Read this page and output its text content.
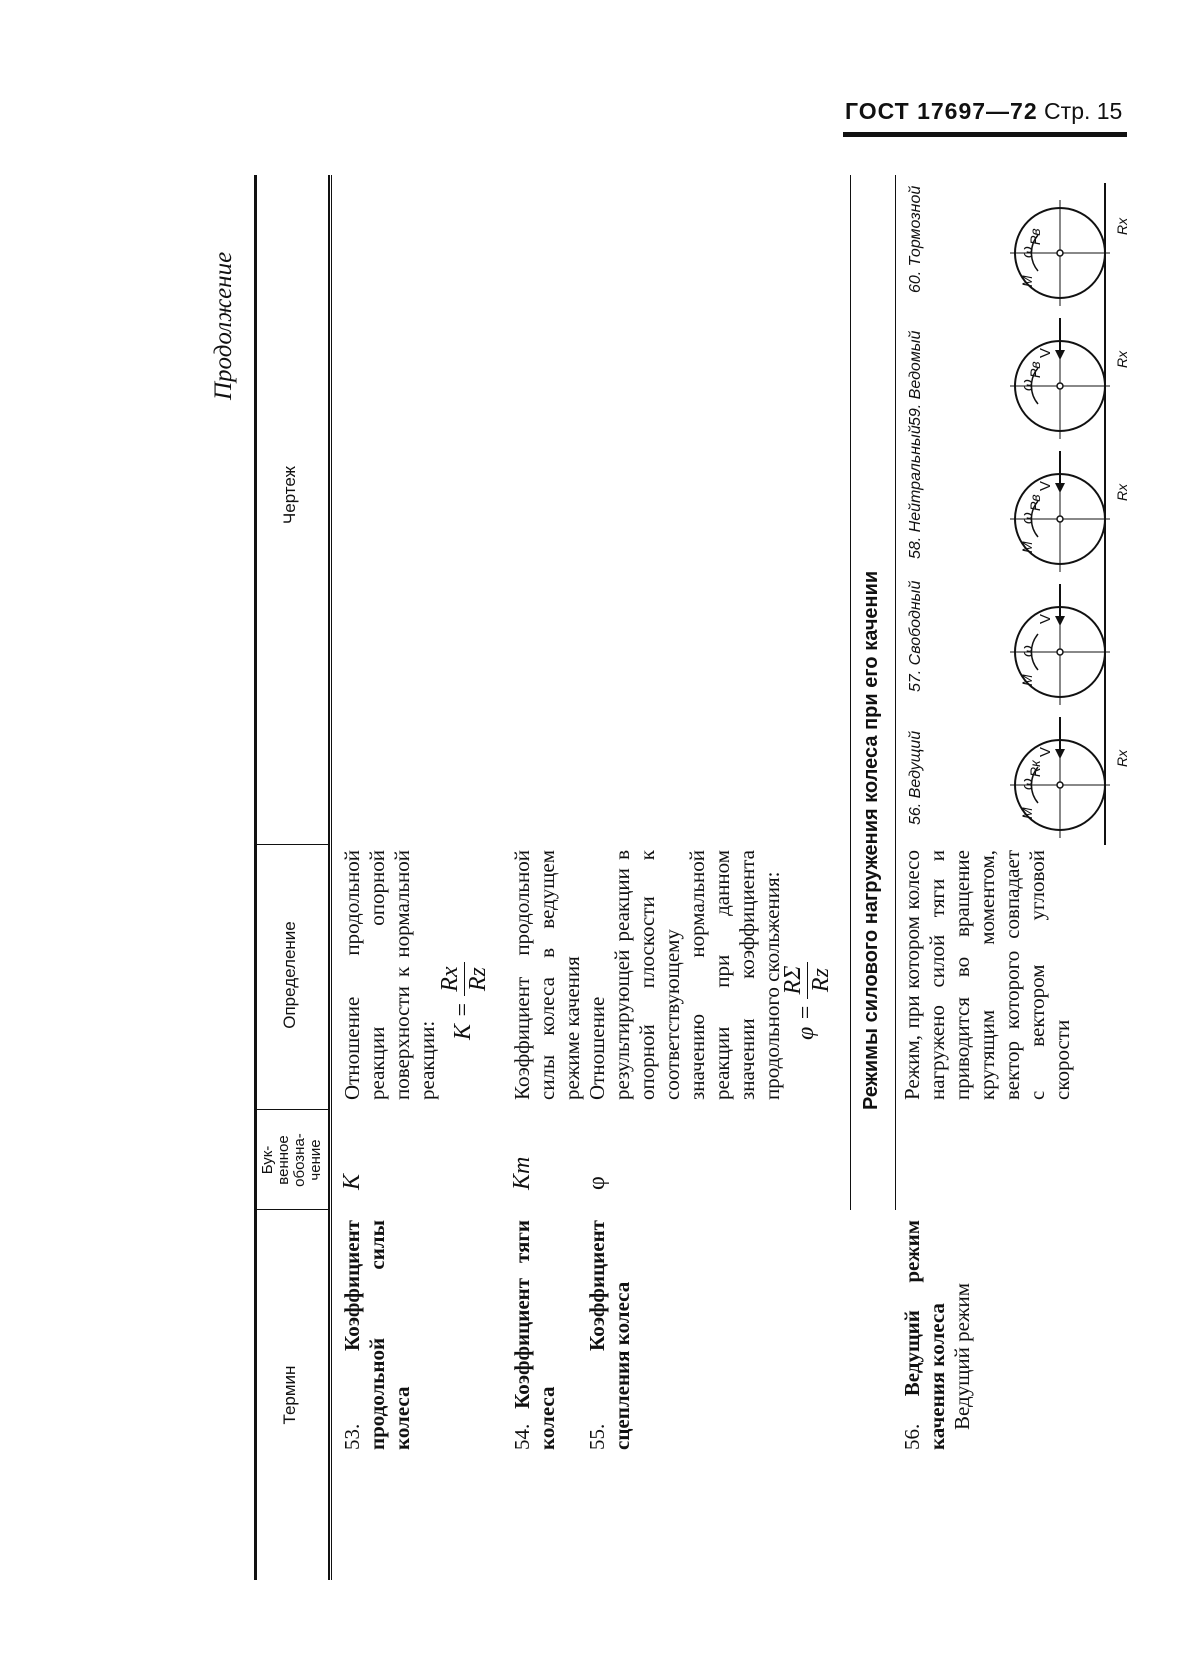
ГОСТ 17697—72 Стр. 15
Продолжение
Термин
Бук-
венное
обозна-
чение
Определение
Чертеж
53. Коэффициент продольной силы колеса
K
Отношение продольной реакции опорной поверхности к нормальной реакции: K =
Rx Rz
54. Коэффициент тяги колеса
Kт
Коэффициент продольной силы колеса в ведущем режиме качения
55. Коэффициент сцепления колеса
φ
Отношение результирующей реакции в опорной плоскости к соответствующему значению нормальной реакции при данном значении коэффициента продольного скольжения: φ =
RΣ Rz Режимы силового нагружения колеса при его качении
56. Ведущий режим качения колеса
Ведущий режим
Режим, при котором колесо нагружено силой тяги и приводится во вращение крутящим моментом, вектор которого совпадает с вектором угловой скорости
56. Ведущий	ω
M
Rк
Rx
57. Свободный
V
ω
M
58. Нейтральный
V
ω
M
Pв
Rx
59. Ведомый
V
ω
Pв
Rx
60. Тормозной
V
ω
M
Pв
Rx
